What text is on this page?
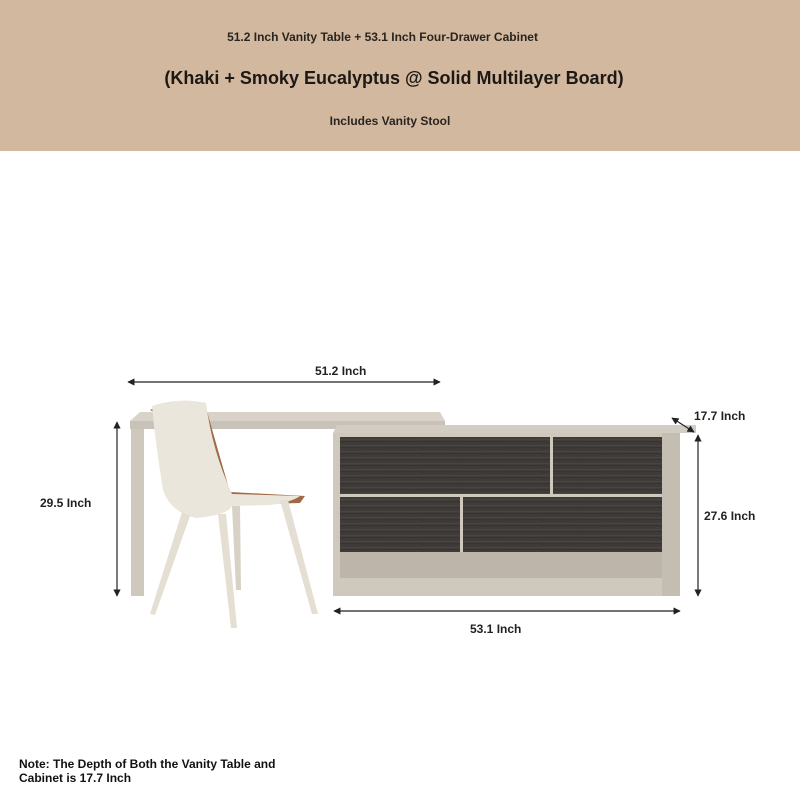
51.2 Inch Vanity Table + 53.1 Inch Four-Drawer Cabinet
(Khaki + Smoky Eucalyptus @ Solid Multilayer Board)
Includes Vanity Stool
51.2 Inch
29.5 Inch
17.7 Inch
27.6 Inch
53.1 Inch
Note: The Depth of Both the Vanity Table and Cabinet is 17.7 Inch
